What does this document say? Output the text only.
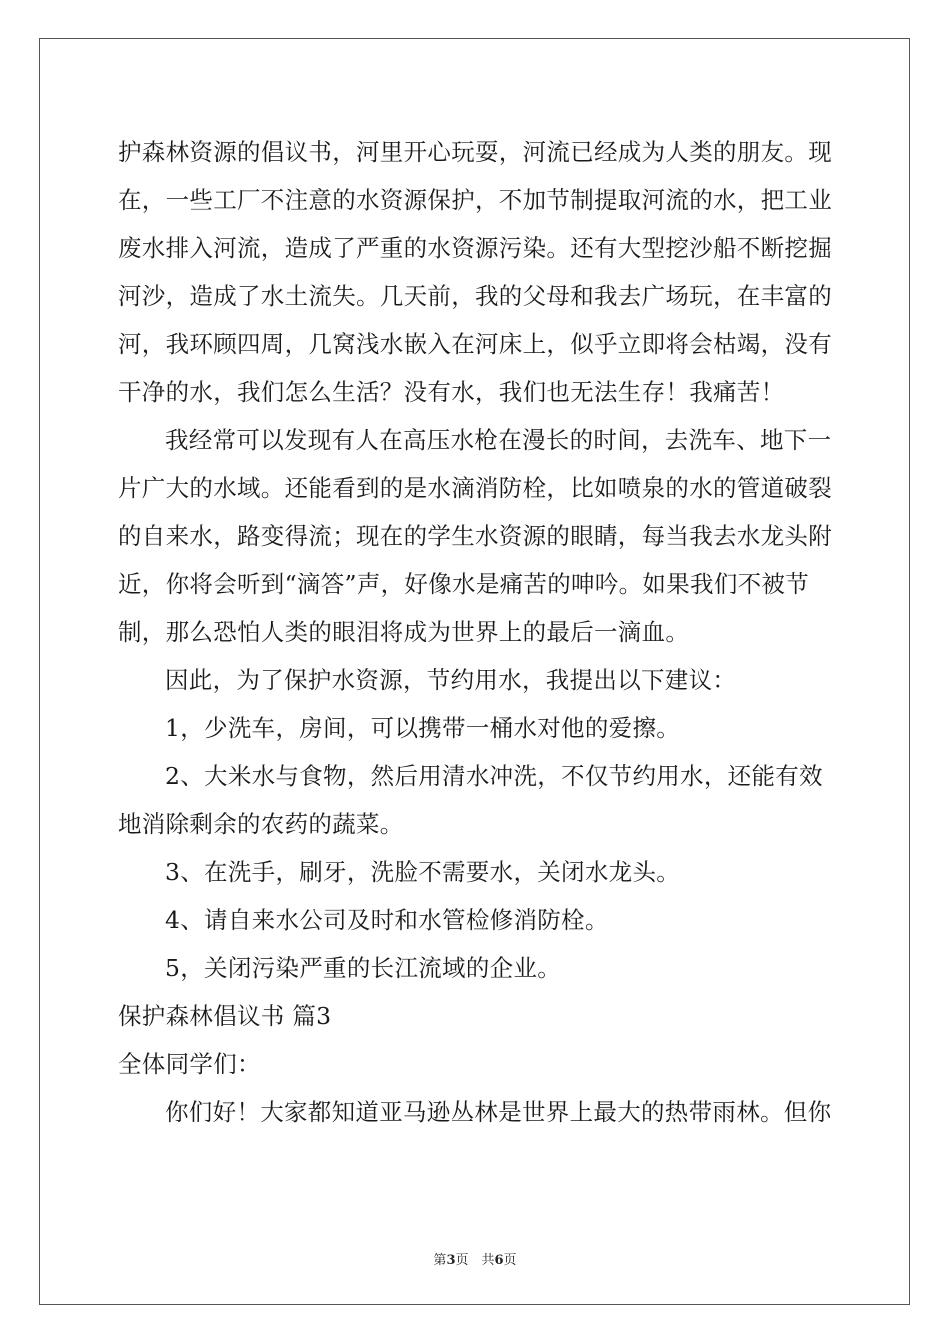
护森林资源的倡议书，河里开心玩耍，河流已经成为人类的朋友。现
在，一些工厂不注意的水资源保护，不加节制提取河流的水，把工业
废水排入河流，造成了严重的水资源污染。还有大型挖沙船不断挖掘
河沙，造成了水土流失。几天前，我的父母和我去广场玩，在丰富的
河，我环顾四周，几窝浅水嵌入在河床上，似乎立即将会枯竭，没有
干净的水，我们怎么生活？没有水，我们也无法生存！我痛苦！
我经常可以发现有人在高压水枪在漫长的时间，去洗车、地下一
片广大的水域。还能看到的是水滴消防栓，比如喷泉的水的管道破裂
的自来水，路变得流；现在的学生水资源的眼睛，每当我去水龙头附
近，你将会听到“滴答”声，好像水是痛苦的呻吟。如果我们不被节
制，那么恐怕人类的眼泪将成为世界上的最后一滴血。
因此，为了保护水资源，节约用水，我提出以下建议：
1，少洗车，房间，可以携带一桶水对他的爱擦。
2、大米水与食物，然后用清水冲洗，不仅节约用水，还能有效
地消除剩余的农药的蔬菜。
3、在洗手，刷牙，洗脸不需要水，关闭水龙头。
4、请自来水公司及时和水管检修消防栓。
5，关闭污染严重的长江流域的企业。
保护森林倡议书 篇3
全体同学们：
你们好！大家都知道亚马逊丛林是世界上最大的热带雨林。但你
第3页　共6页
